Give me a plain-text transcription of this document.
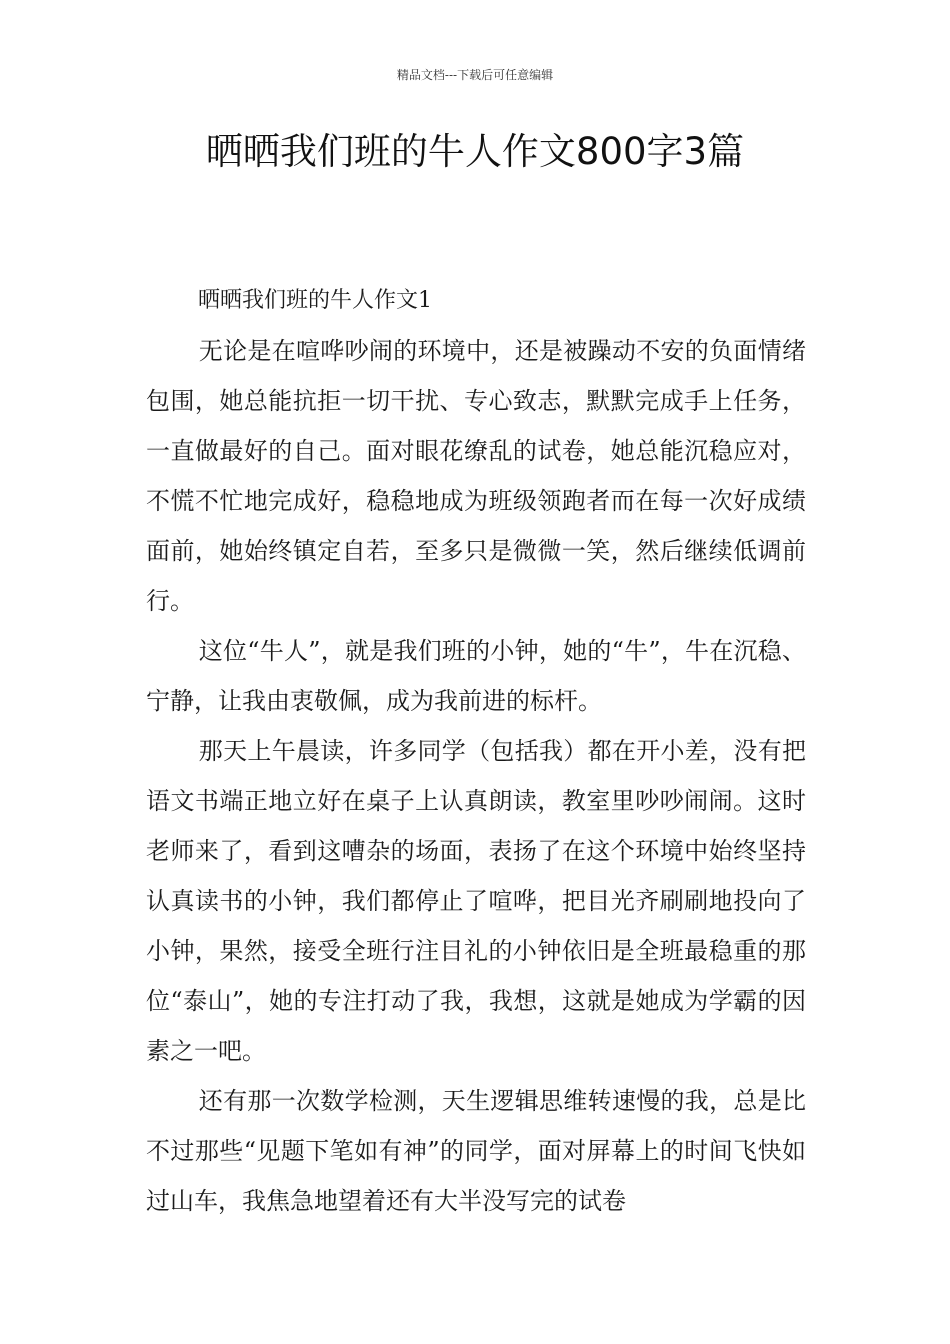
精品文档---下载后可任意编辑
晒晒我们班的牛人作文800字3篇
晒晒我们班的牛人作文1

无论是在喧哗吵闹的环境中，还是被躁动不安的负面情绪包围，她总能抗拒一切干扰、专心致志，默默完成手上任务，一直做最好的自己。面对眼花缭乱的试卷，她总能沉稳应对，不慌不忙地完成好，稳稳地成为班级领跑者而在每一次好成绩面前，她始终镇定自若，至多只是微微一笑，然后继续低调前行。

这位“牛人”，就是我们班的小钟，她的“牛”，牛在沉稳、宁静，让我由衷敬佩，成为我前进的标杆。

那天上午晨读，许多同学（包括我）都在开小差，没有把语文书端正地立好在桌子上认真朗读，教室里吵吵闹闹。这时老师来了，看到这嘈杂的场面，表扬了在这个环境中始终坚持认真读书的小钟，我们都停止了喧哗，把目光齐刷刷地投向了小钟，果然，接受全班行注目礼的小钟依旧是全班最稳重的那位“泰山”，她的专注打动了我，我想，这就是她成为学霸的因素之一吧。

还有那一次数学检测，天生逻辑思维转速慢的我，总是比不过那些“见题下笔如有神”的同学，面对屏幕上的时间飞快如过山车，我焦急地望着还有大半没写完的试卷
